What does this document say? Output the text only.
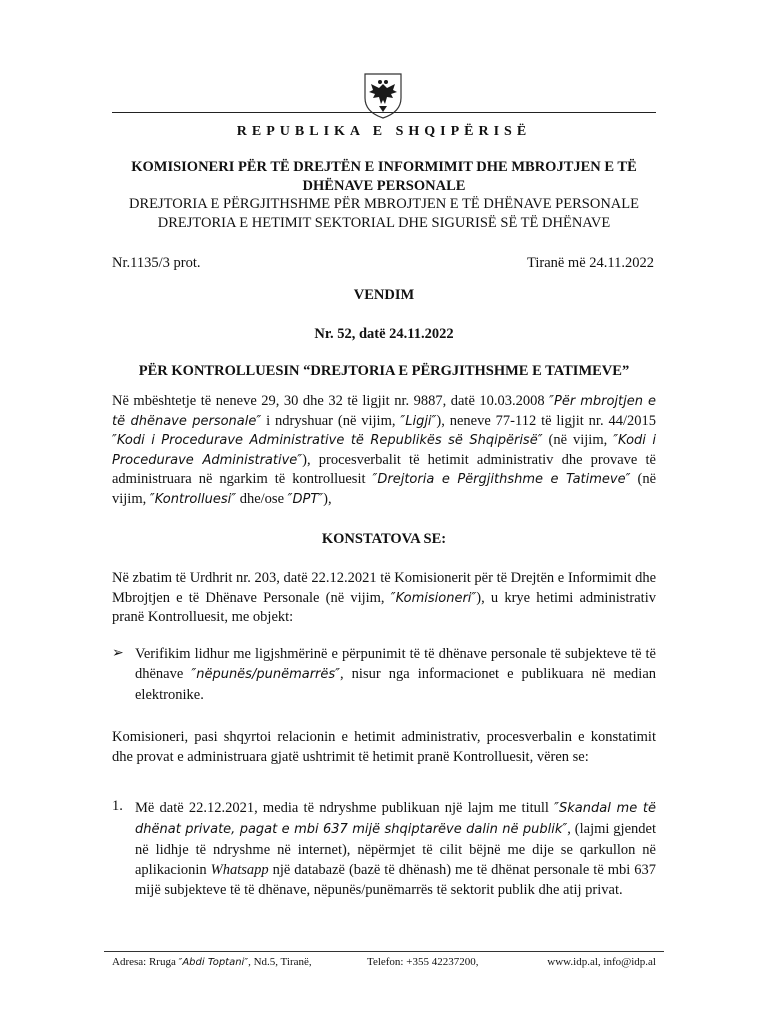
REPUBLIKA E SHQIPËRISË
KOMISIONERI PËR TË DREJTËN E INFORMIMIT DHE MBROJTJEN E TË DHËNAVE PERSONALE
DREJTORIA E PËRGJITHSHME PËR MBROJTJEN E TË DHËNAVE PERSONALE
DREJTORIA E HETIMIT SEKTORIAL DHE SIGURISË SË TË DHËNAVE
Nr.1135/3 prot.	Tiranë më 24.11.2022
VENDIM
Nr. 52, datë 24.11.2022
PËR KONTROLLUESIN “DREJTORIA E PËRGJITHSHME E TATIMEVE”
Në mbështetje të neneve 29, 30 dhe 32 të ligjit nr. 9887, datë 10.03.2008 ″Për mbrojtjen e të dhënave personale″ i ndryshuar (në vijim, ″Ligji″), neneve 77-112 të ligjit nr. 44/2015 ″Kodi i Procedurave Administrative të Republikës së Shqipërisë″ (në vijim, ″Kodi i Procedurave Administrative″), procesverbalit të hetimit administrativ dhe provave të administruara në ngarkim të kontrolluesit ″Drejtoria e Përgjithshme e Tatimeve″ (në vijim, ″Kontrolluesi″ dhe/ose ″DPT″),
KONSTATOVA SE:
Në zbatim të Urdhrit nr. 203, datë 22.12.2021 të Komisionerit për të Drejtën e Informimit dhe Mbrojtjen e të Dhënave Personale (në vijim, ″Komisioneri″), u krye hetimi administrativ pranë Kontrolluesit, me objekt:
➢ Verifikim lidhur me ligjshmërinë e përpunimit të të dhënave personale të subjekteve të të dhënave ″nëpunës/punëmarrës″, nisur nga informacionet e publikuara në median elektronike.
Komisioneri, pasi shqyrtoi relacionin e hetimit administrativ, procesverbalin e konstatimit dhe provat e administruara gjatë ushtrimit të hetimit pranë Kontrolluesit, vëren se:
1. Më datë 22.12.2021, media të ndryshme publikuan një lajm me titull ″Skandal me të dhënat private, pagat e mbi 637 mijë shqiptarëve dalin në publik″, (lajmi gjendet në lidhje të ndryshme në internet), nëpërmjet të cilit bëjnë me dije se qarkullon në aplikacionin Whatsapp një databazë (bazë të dhënash) me të dhënat personale të mbi 637 mijë subjekteve të të dhënave, nëpunës/punëmarrës të sektorit publik dhe atij privat.
Adresa: Rruga ″Abdi Toptani″, Nd.5, Tiranë,	Telefon: +355 42237200,	www.idp.al, info@idp.al
